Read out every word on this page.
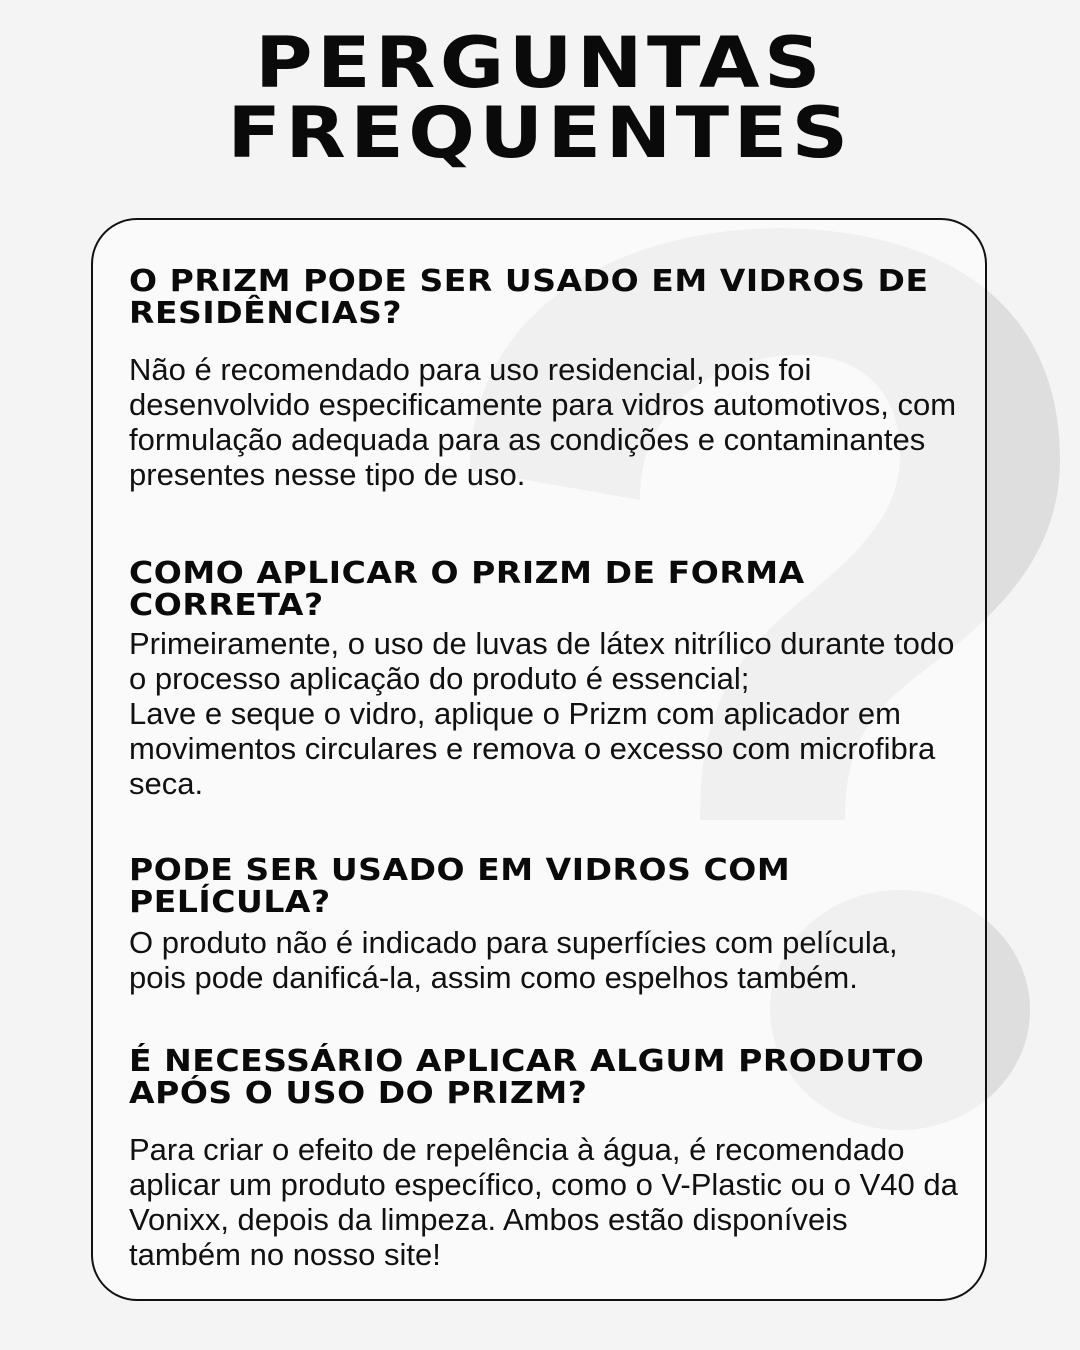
PERGUNTAS
FREQUENTES

O PRIZM PODE SER USADO EM VIDROS DE RESIDÊNCIAS?

Não é recomendado para uso residencial, pois foi desenvolvido especificamente para vidros automotivos, com formulação adequada para as condições e contaminantes presentes nesse tipo de uso.

COMO APLICAR O PRIZM DE FORMA CORRETA?

Primeiramente, o uso de luvas de látex nitrílico durante todo o processo aplicação do produto é essencial;
Lave e seque o vidro, aplique o Prizm com aplicador em movimentos circulares e remova o excesso com microfibra seca.

PODE SER USADO EM VIDROS COM PELÍCULA?

O produto não é indicado para superfícies com película, pois pode danificá-la, assim como espelhos também.

É NECESSÁRIO APLICAR ALGUM PRODUTO APÓS O USO DO PRIZM?

Para criar o efeito de repelência à água, é recomendado aplicar um produto específico, como o V-Plastic ou o V40 da Vonixx, depois da limpeza. Ambos estão disponíveis também no nosso site!
